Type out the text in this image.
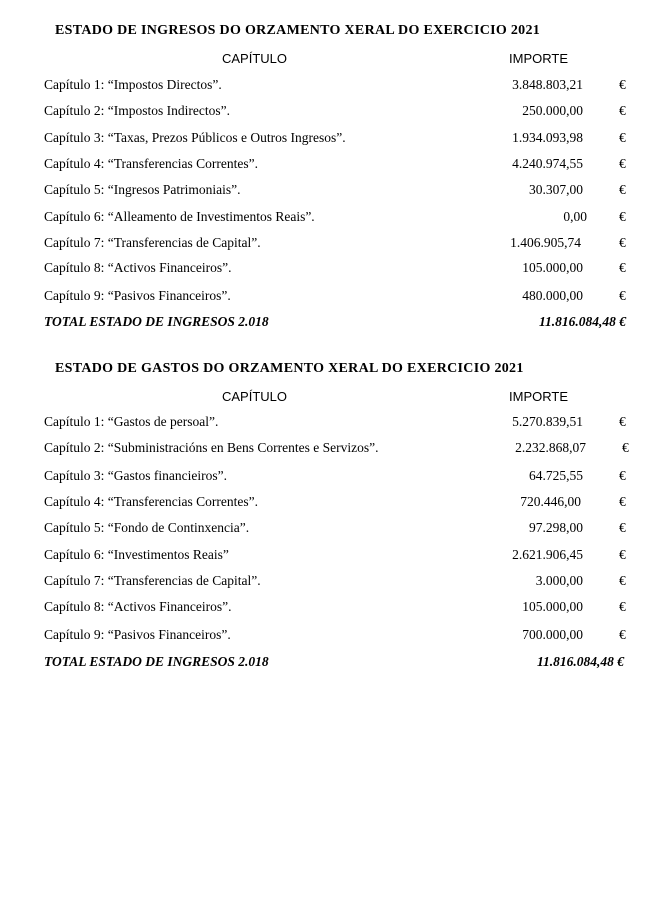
ESTADO DE INGRESOS DO ORZAMENTO XERAL DO EXERCICIO 2021
CAPÍTULO	IMPORTE
Capítulo 1: “Impostos Directos”.	3.848.803,21	€
Capítulo 2: “Impostos Indirectos”.	250.000,00	€
Capítulo 3: “Taxas, Prezos Públicos e Outros Ingresos”.	1.934.093,98	€
Capítulo 4: “Transferencias Correntes”.	4.240.974,55	€
Capítulo 5: “Ingresos Patrimoniais”.	30.307,00	€
Capítulo 6: “Alleamento de Investimentos Reais”.	0,00 €
Capítulo 7: “Transferencias de Capital”.	1.406.905,74	€
Capítulo 8: “Activos Financeiros”.	105.000,00	€
Capítulo 9: “Pasivos Financeiros”.	480.000,00	€
TOTAL ESTADO DE INGRESOS 2.018	11.816.084,48 €
ESTADO DE GASTOS DO ORZAMENTO XERAL DO EXERCICIO 2021
CAPÍTULO	IMPORTE
Capítulo 1: “Gastos de persoal”.	5.270.839,51	€
Capítulo 2: “Subministracións en Bens Correntes e Servizos”.	2.232.868,07	€
Capítulo 3: “Gastos financieiros”.	64.725,55	€
Capítulo 4: “Transferencias Correntes”.	720.446,00	€
Capítulo 5: “Fondo de Continxencia”.	97.298,00	€
Capítulo 6: “Investimentos Reais”	2.621.906,45	€
Capítulo 7: “Transferencias de Capital”.	3.000,00	€
Capítulo 8: “Activos Financeiros”.	105.000,00	€
Capítulo 9: “Pasivos Financeiros”.	700.000,00	€
TOTAL ESTADO DE INGRESOS 2.018	11.816.084,48 €
